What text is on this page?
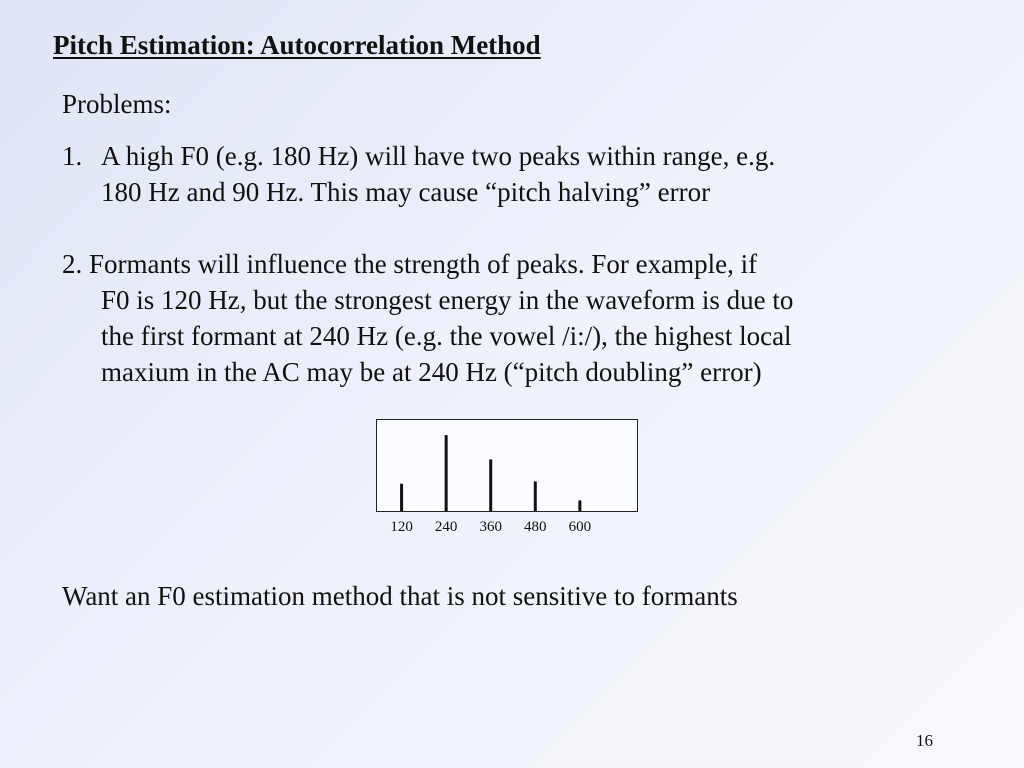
Pitch Estimation: Autocorrelation Method
Problems:
1. A high F0 (e.g. 180 Hz) will have two peaks within range, e.g.
180 Hz and 90 Hz. This may cause “pitch halving” error
2. Formants will influence the strength of peaks. For example, if
F0 is 120 Hz, but the strongest energy in the waveform is due to
the first formant at 240 Hz (e.g. the vowel /i:/), the highest local
maxium in the AC may be at 240 Hz (“pitch doubling” error)
120 240 360 480 600
Want an F0 estimation method that is not sensitive to formants
16
